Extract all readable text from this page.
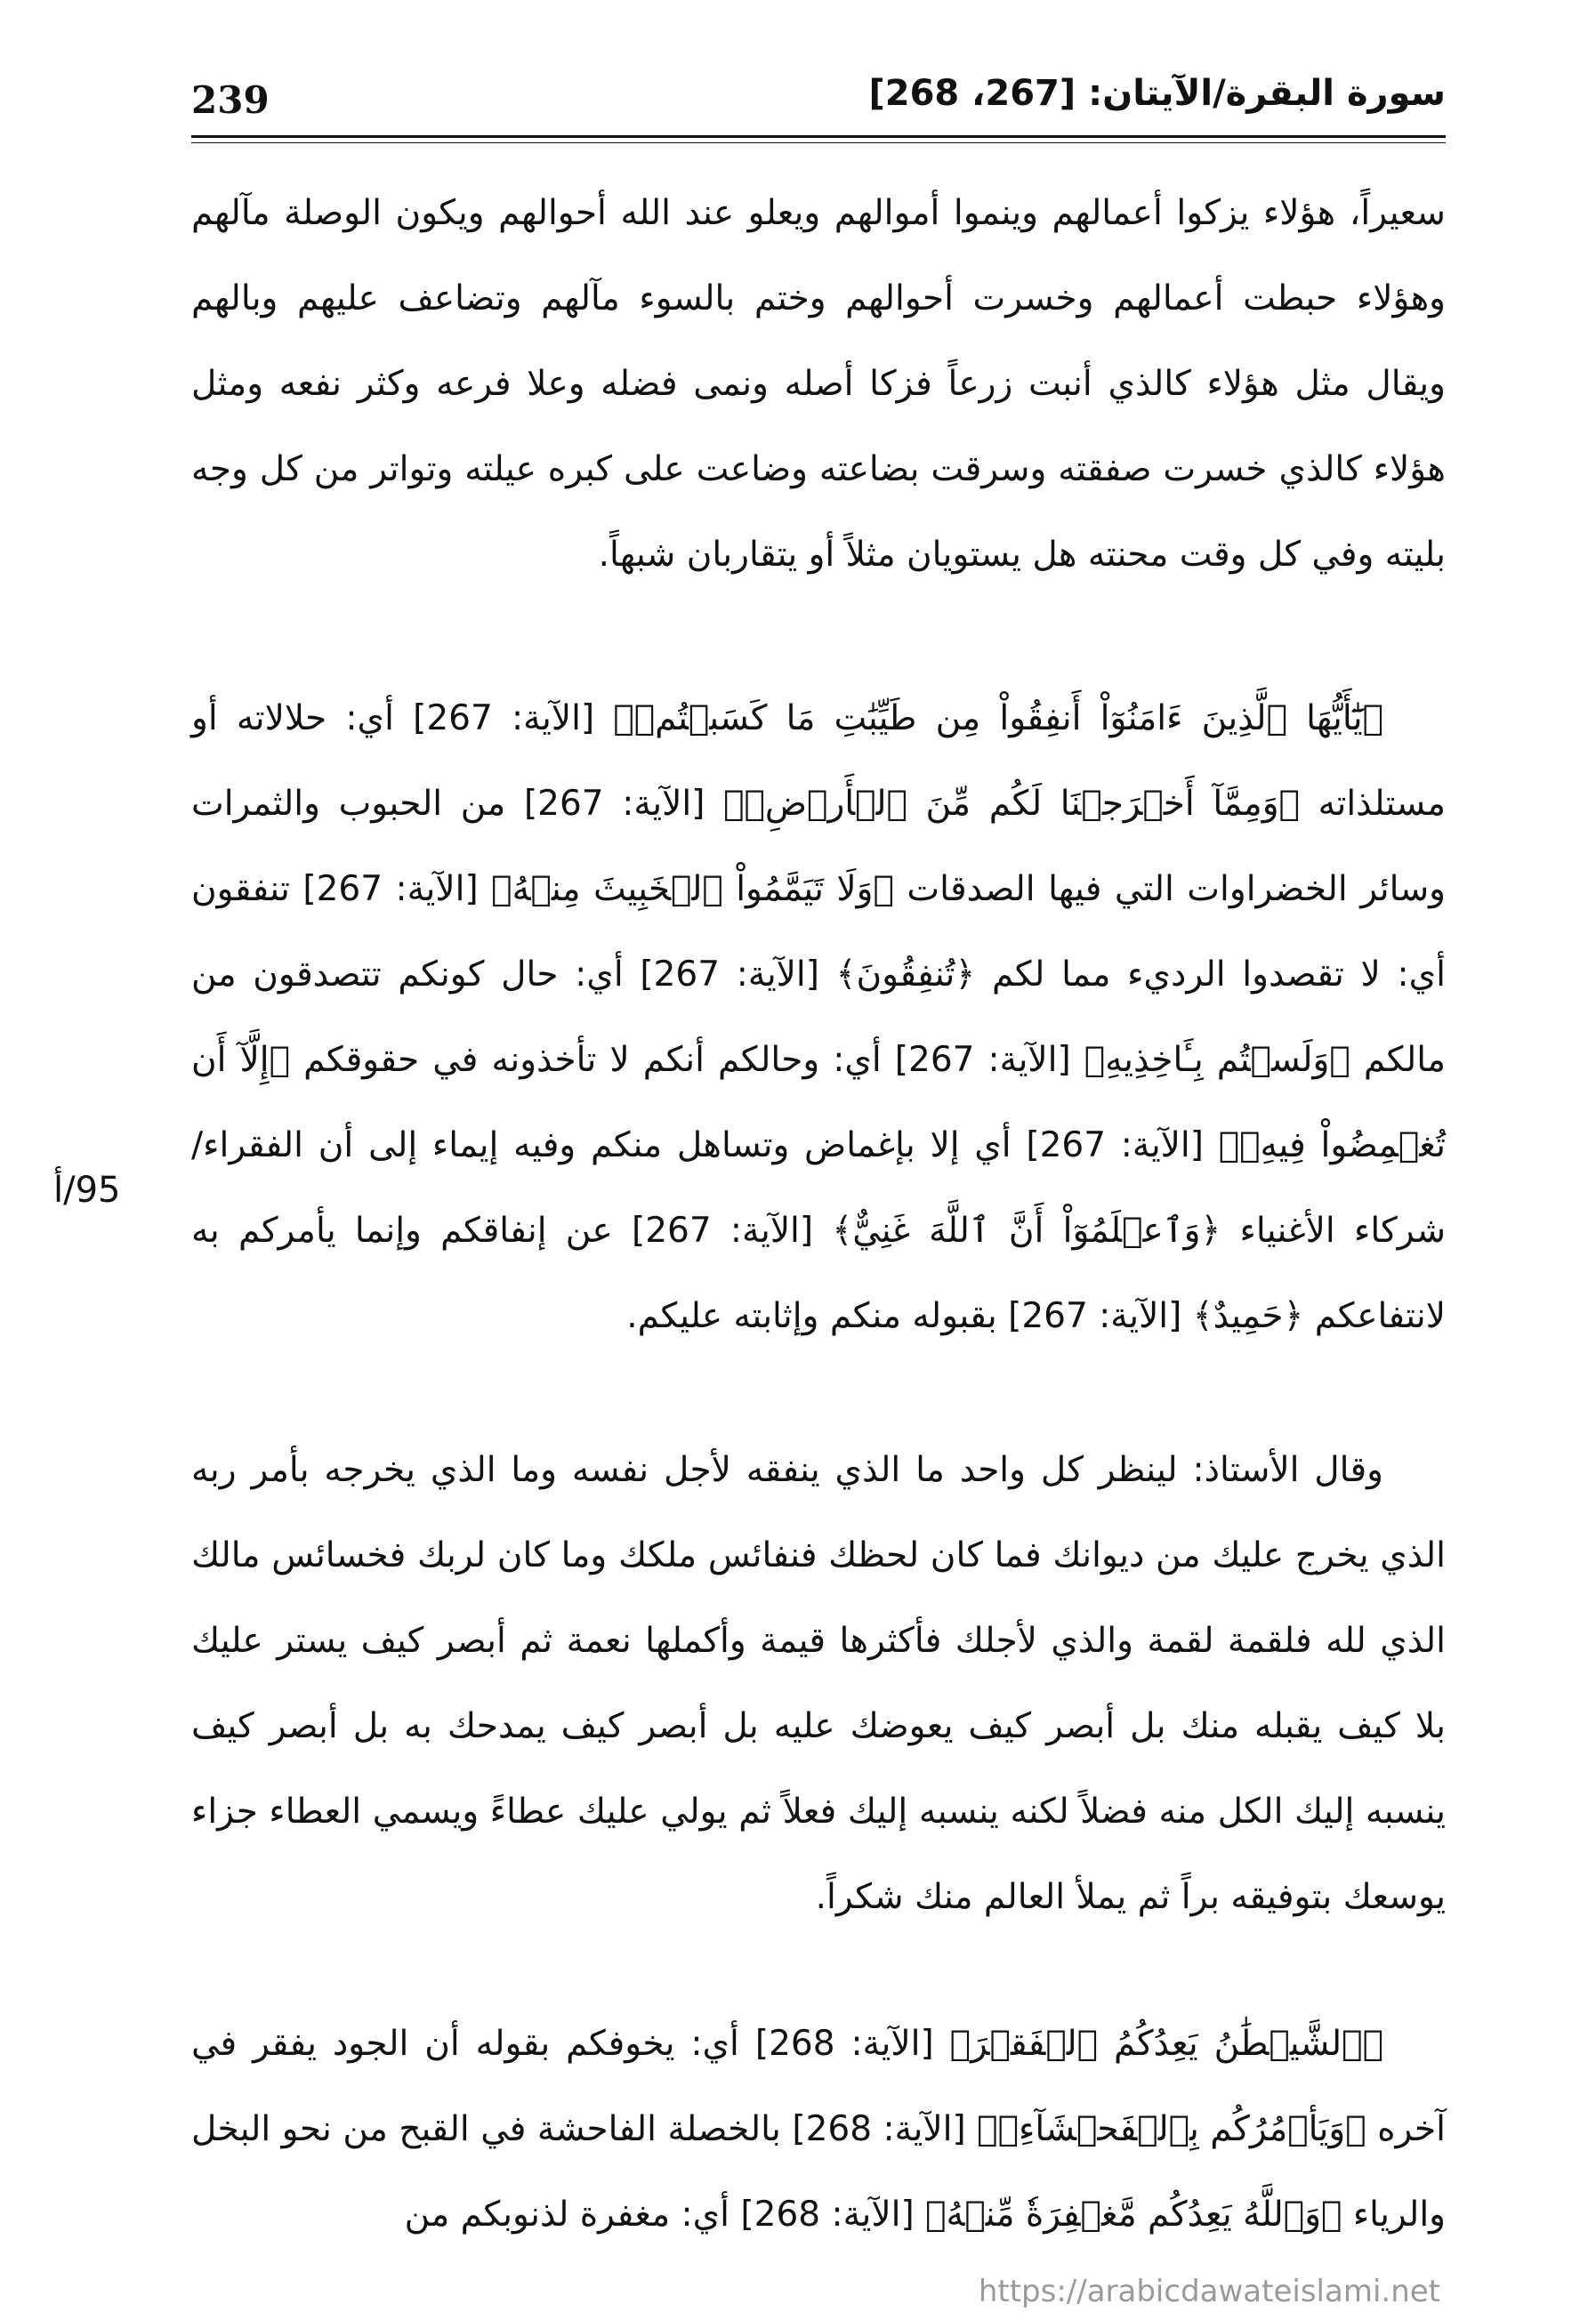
239	سورة البقرة/الآيتان: [267، 268]
سعيراً، هؤلاء يزكوا أعمالهم وينموا أموالهم ويعلو عند الله أحوالهم ويكون الوصلة مآلهم وهؤلاء حبطت أعمالهم وخسرت أحوالهم وختم بالسوء مآلهم وتضاعف عليهم وبالهم ويقال مثل هؤلاء كالذي أنبت زرعاً فزكا أصله ونمى فضله وعلا فرعه وكثر نفعه ومثل هؤلاء كالذي خسرت صفقته وسرقت بضاعته وضاعت على كبره عيلته وتواتر من كل وجه بليته وفي كل وقت محنته هل يستويان مثلاً أو يتقاربان شبهاً.
﴿يَٰٓأَيُّهَا ٱلَّذِينَ ءَامَنُوٓاْ أَنفِقُواْ مِن طَيِّبَٰتِ مَا كَسَبۡتُمۡ﴾ [الآية: 267] أي: حلالاته أو مستلذاته ﴿وَمِمَّآ أَخۡرَجۡنَا لَكُم مِّنَ ٱلۡأَرۡضِۖ﴾ [الآية: 267] من الحبوب والثمرات وسائر الخضراوات التي فيها الصدقات ﴿وَلَا تَيَمَّمُواْ ٱلۡخَبِيثَ مِنۡهُ﴾ [الآية: 267] تنفقون أي: لا تقصدوا الرديء مما لكم ﴿تُنفِقُونَ﴾ [الآية: 267] أي: حال كونكم تتصدقون من مالكم ﴿وَلَسۡتُم بِـَٔاخِذِيهِ﴾ [الآية: 267] أي: وحالكم أنكم لا تأخذونه في حقوقكم ﴿إِلَّآ أَن تُغۡمِضُواْ فِيهِۚ﴾ [الآية: 267] أي إلا بإغماض وتساهل منكم وفيه إيماء إلى أن الفقراء/ شركاء الأغنياء ﴿وَٱعۡلَمُوٓاْ أَنَّ ٱللَّهَ غَنِيٌّ﴾ [الآية: 267] عن إنفاقكم وإنما يأمركم به لانتفاعكم ﴿حَمِيدٌ﴾ [الآية: 267] بقبوله منكم وإثابته عليكم.
وقال الأستاذ: لينظر كل واحد ما الذي ينفقه لأجل نفسه وما الذي يخرجه بأمر ربه الذي يخرج عليك من ديوانك فما كان لحظك فنفائس ملكك وما كان لربك فخسائس مالك الذي لله فلقمة لقمة والذي لأجلك فأكثرها قيمة وأكملها نعمة ثم أبصر كيف يستر عليك بلا كيف يقبله منك بل أبصر كيف يعوضك عليه بل أبصر كيف يمدحك به بل أبصر كيف ينسبه إليك الكل منه فضلاً لكنه ينسبه إليك فعلاً ثم يولي عليك عطاءً ويسمي العطاء جزاء يوسعك بتوفيقه براً ثم يملأ العالم منك شكراً.
﴿ٱلشَّيۡطَٰنُ يَعِدُكُمُ ٱلۡفَقۡرَ﴾ [الآية: 268] أي: يخوفكم بقوله أن الجود يفقر في آخره ﴿وَيَأۡمُرُكُم بِٱلۡفَحۡشَآءِۖ﴾ [الآية: 268] بالخصلة الفاحشة في القبح من نحو البخل والرياء ﴿وَٱللَّهُ يَعِدُكُم مَّغۡفِرَةٗ مِّنۡهُ﴾ [الآية: 268] أي: مغفرة لذنوبكم من
95/أ
https://arabicdawateislami.net
